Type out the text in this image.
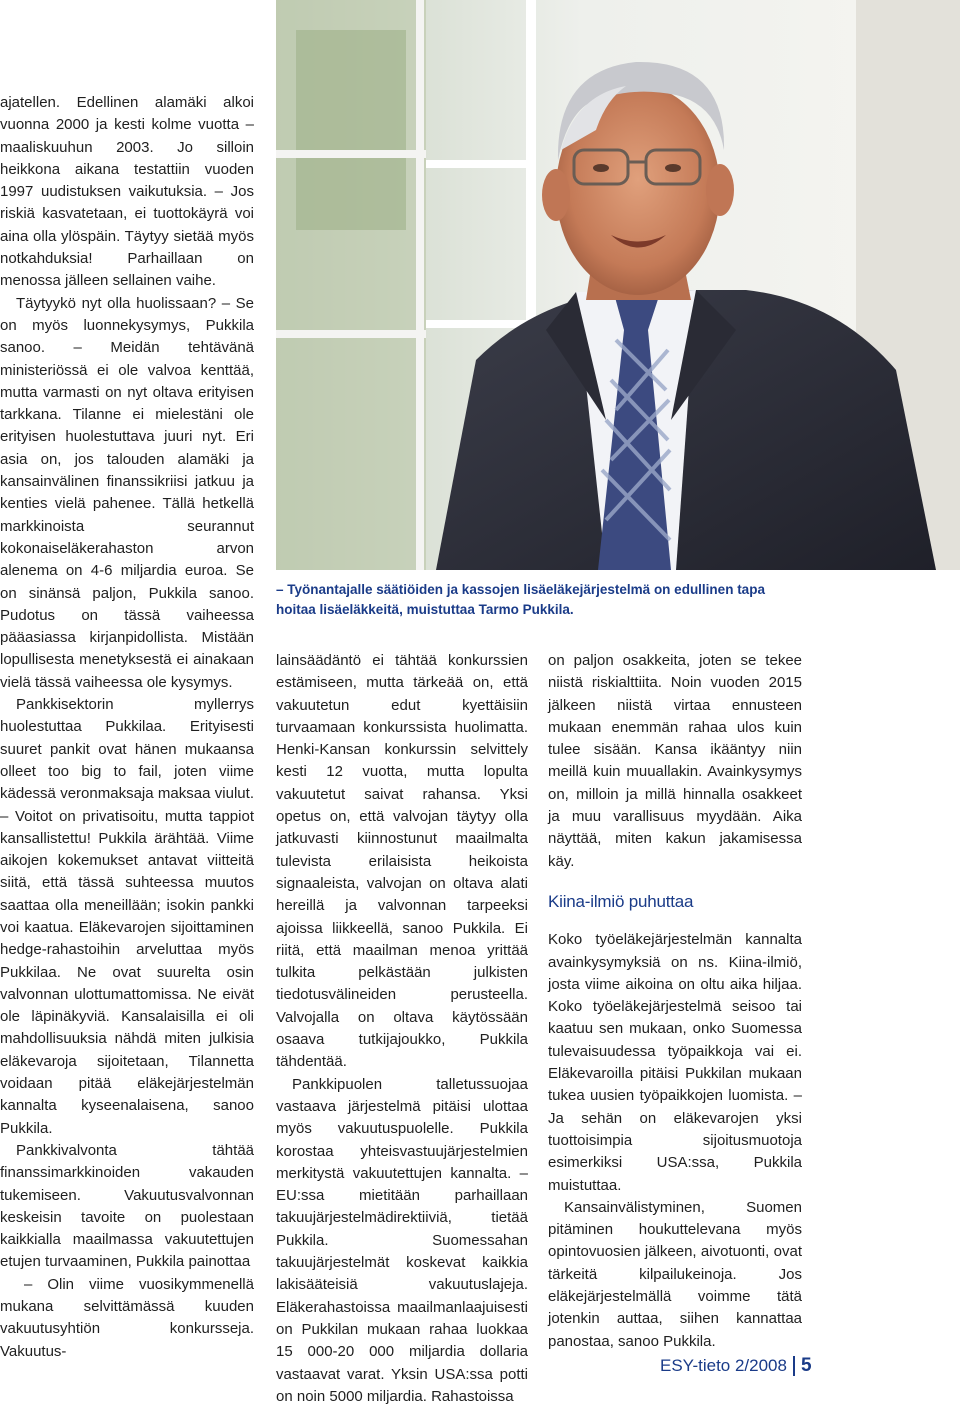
ajatellen. Edellinen alamäki alkoi vuonna 2000 ja kesti kolme vuotta – maaliskuuhun 2003. Jo silloin heikkona aikana testattiin vuoden 1997 uudistuksen vaikutuksia. – Jos riskiä kasvatetaan, ei tuottokäyrä voi aina olla ylöspäin. Täytyy sietää myös notkahduksia! Parhaillaan on menossa jälleen sellainen vaihe.

Täytyykö nyt olla huolissaan? – Se on myös luonnekysymys, Pukkila sanoo. – Meidän tehtävänä ministeriössä ei ole valvoa kenttää, mutta varmasti on nyt oltava erityisen tarkkana. Tilanne ei mielestäni ole erityisen huolestuttava juuri nyt. Eri asia on, jos talouden alamäki ja kansainvälinen finanssikriisi jatkuu ja kenties vielä pahenee. Tällä hetkellä markkinoista seurannut kokonaiseläkerahaston arvon alenema on 4-6 miljardia euroa. Se on sinänsä paljon, Pukkila sanoo. Pudotus on tässä vaiheessa pääasiassa kirjanpidollista. Mistään lopullisesta menetyksestä ei ainakaan vielä tässä vaiheessa ole kysymys.

Pankkisektorin myllerrys huolestuttaa Pukkilaa. Erityisesti suuret pankit ovat hänen mukaansa olleet too big to fail, joten viime kädessä veronmaksaja maksaa viulut. – Voitot on privatisoitu, mutta tappiot kansallistettu! Pukkila ärähtää. Viime aikojen kokemukset antavat viitteitä siitä, että tässä suhteessa muutos saattaa olla meneillään; isokin pankki voi kaatua. Eläkevarojen sijoittaminen hedge-rahastoihin arveluttaa myös Pukkilaa. Ne ovat suurelta osin valvonnan ulottumattomissa. Ne eivät ole läpinäkyviä. Kansalaisilla ei oli mahdollisuuksia nähdä miten julkisia eläkevaroja sijoitetaan, Tilannetta voidaan pitää eläkejärjestelmän kannalta kyseenalaisena, sanoo Pukkila.

Pankkivalvonta tähtää finanssimarkkinoiden vakauden tukemiseen. Vakuutusvalvonnan keskeisin tavoite on puolestaan kaikkialla maailmassa vakuutettujen etujen turvaaminen, Pukkila painottaa

– Olin viime vuosikymmenellä mukana selvittämässä kuuden vakuutusyhtiön konkursseja. Vakuutus-

– Työnantajalle säätiöiden ja kassojen lisäeläkejärjestelmä on edullinen tapa hoitaa lisäeläkkeitä, muistuttaa Tarmo Pukkila.

lainsäädäntö ei tähtää konkurssien estämiseen, mutta tärkeää on, että vakuutetun edut kyettäisiin turvaamaan konkurssista huolimatta. Henki-Kansan konkurssin selvittely kesti 12 vuotta, mutta lopulta vakuutetut saivat rahansa. Yksi opetus on, että valvojan täytyy olla jatkuvasti kiinnostunut maailmalta tulevista erilaisista heikoista signaaleista, valvojan on oltava alati hereillä ja valvonnan tarpeeksi ajoissa liikkeellä, sanoo Pukkila. Ei riitä, että maailman menoa yrittää tulkita pelkästään julkisten tiedotusvälineiden perusteella. Valvojalla on oltava käytössään osaava tutkijajoukko, Pukkila tähdentää.

Pankkipuolen talletussuojaa vastaava järjestelmä pitäisi ulottaa myös vakuutuspuolelle. Pukkila korostaa yhteisvastuujärjestelmien merkitystä vakuutettujen kannalta. – EU:ssa mietitään parhaillaan takuujärjestelmädirektiiviä, tietää Pukkila. Suomessahan takuujärjestelmät koskevat kaikkia lakisääteisiä vakuutuslajeja. Eläkerahastoissa maailmanlaajuisesti on Pukkilan mukaan rahaa luokkaa 15 000-20 000 miljardia dollaria vastaavat varat. Yksin USA:ssa potti on noin 5000 miljardia. Rahastoissa

on paljon osakkeita, joten se tekee niistä riskialttiita. Noin vuoden 2015 jälkeen niistä virtaa ennusteen mukaan enemmän rahaa ulos kuin tulee sisään. Kansa ikääntyy niin meillä kuin muuallakin. Avainkysymys on, milloin ja millä hinnalla osakkeet ja muu varallisuus myydään. Aika näyttää, miten kakun jakamisessa käy.

Kiina-ilmiö puhuttaa

Koko työeläkejärjestelmän kannalta avainkysymyksiä on ns. Kiina-ilmiö, josta viime aikoina on oltu aika hiljaa. Koko työeläkejärjestelmä seisoo tai kaatuu sen mukaan, onko Suomessa tulevaisuudessa työpaikkoja vai ei. Eläkevaroilla pitäisi Pukkilan mukaan tukea uusien työpaikkojen luomista. –Ja sehän on eläkevarojen yksi tuottoisimpia sijoitusmuotoja esimerkiksi USA:ssa, Pukkila muistuttaa.

Kansainvälistyminen, Suomen pitäminen houkuttelevana myös opintovuosien jälkeen, aivotuonti, ovat tärkeitä kilpailukeinoja. Jos eläkejärjestelmällä voimme tätä jotenkin auttaa, siihen kannattaa panostaa, sanoo Pukkila.

ESY-tieto 2/2008 5
